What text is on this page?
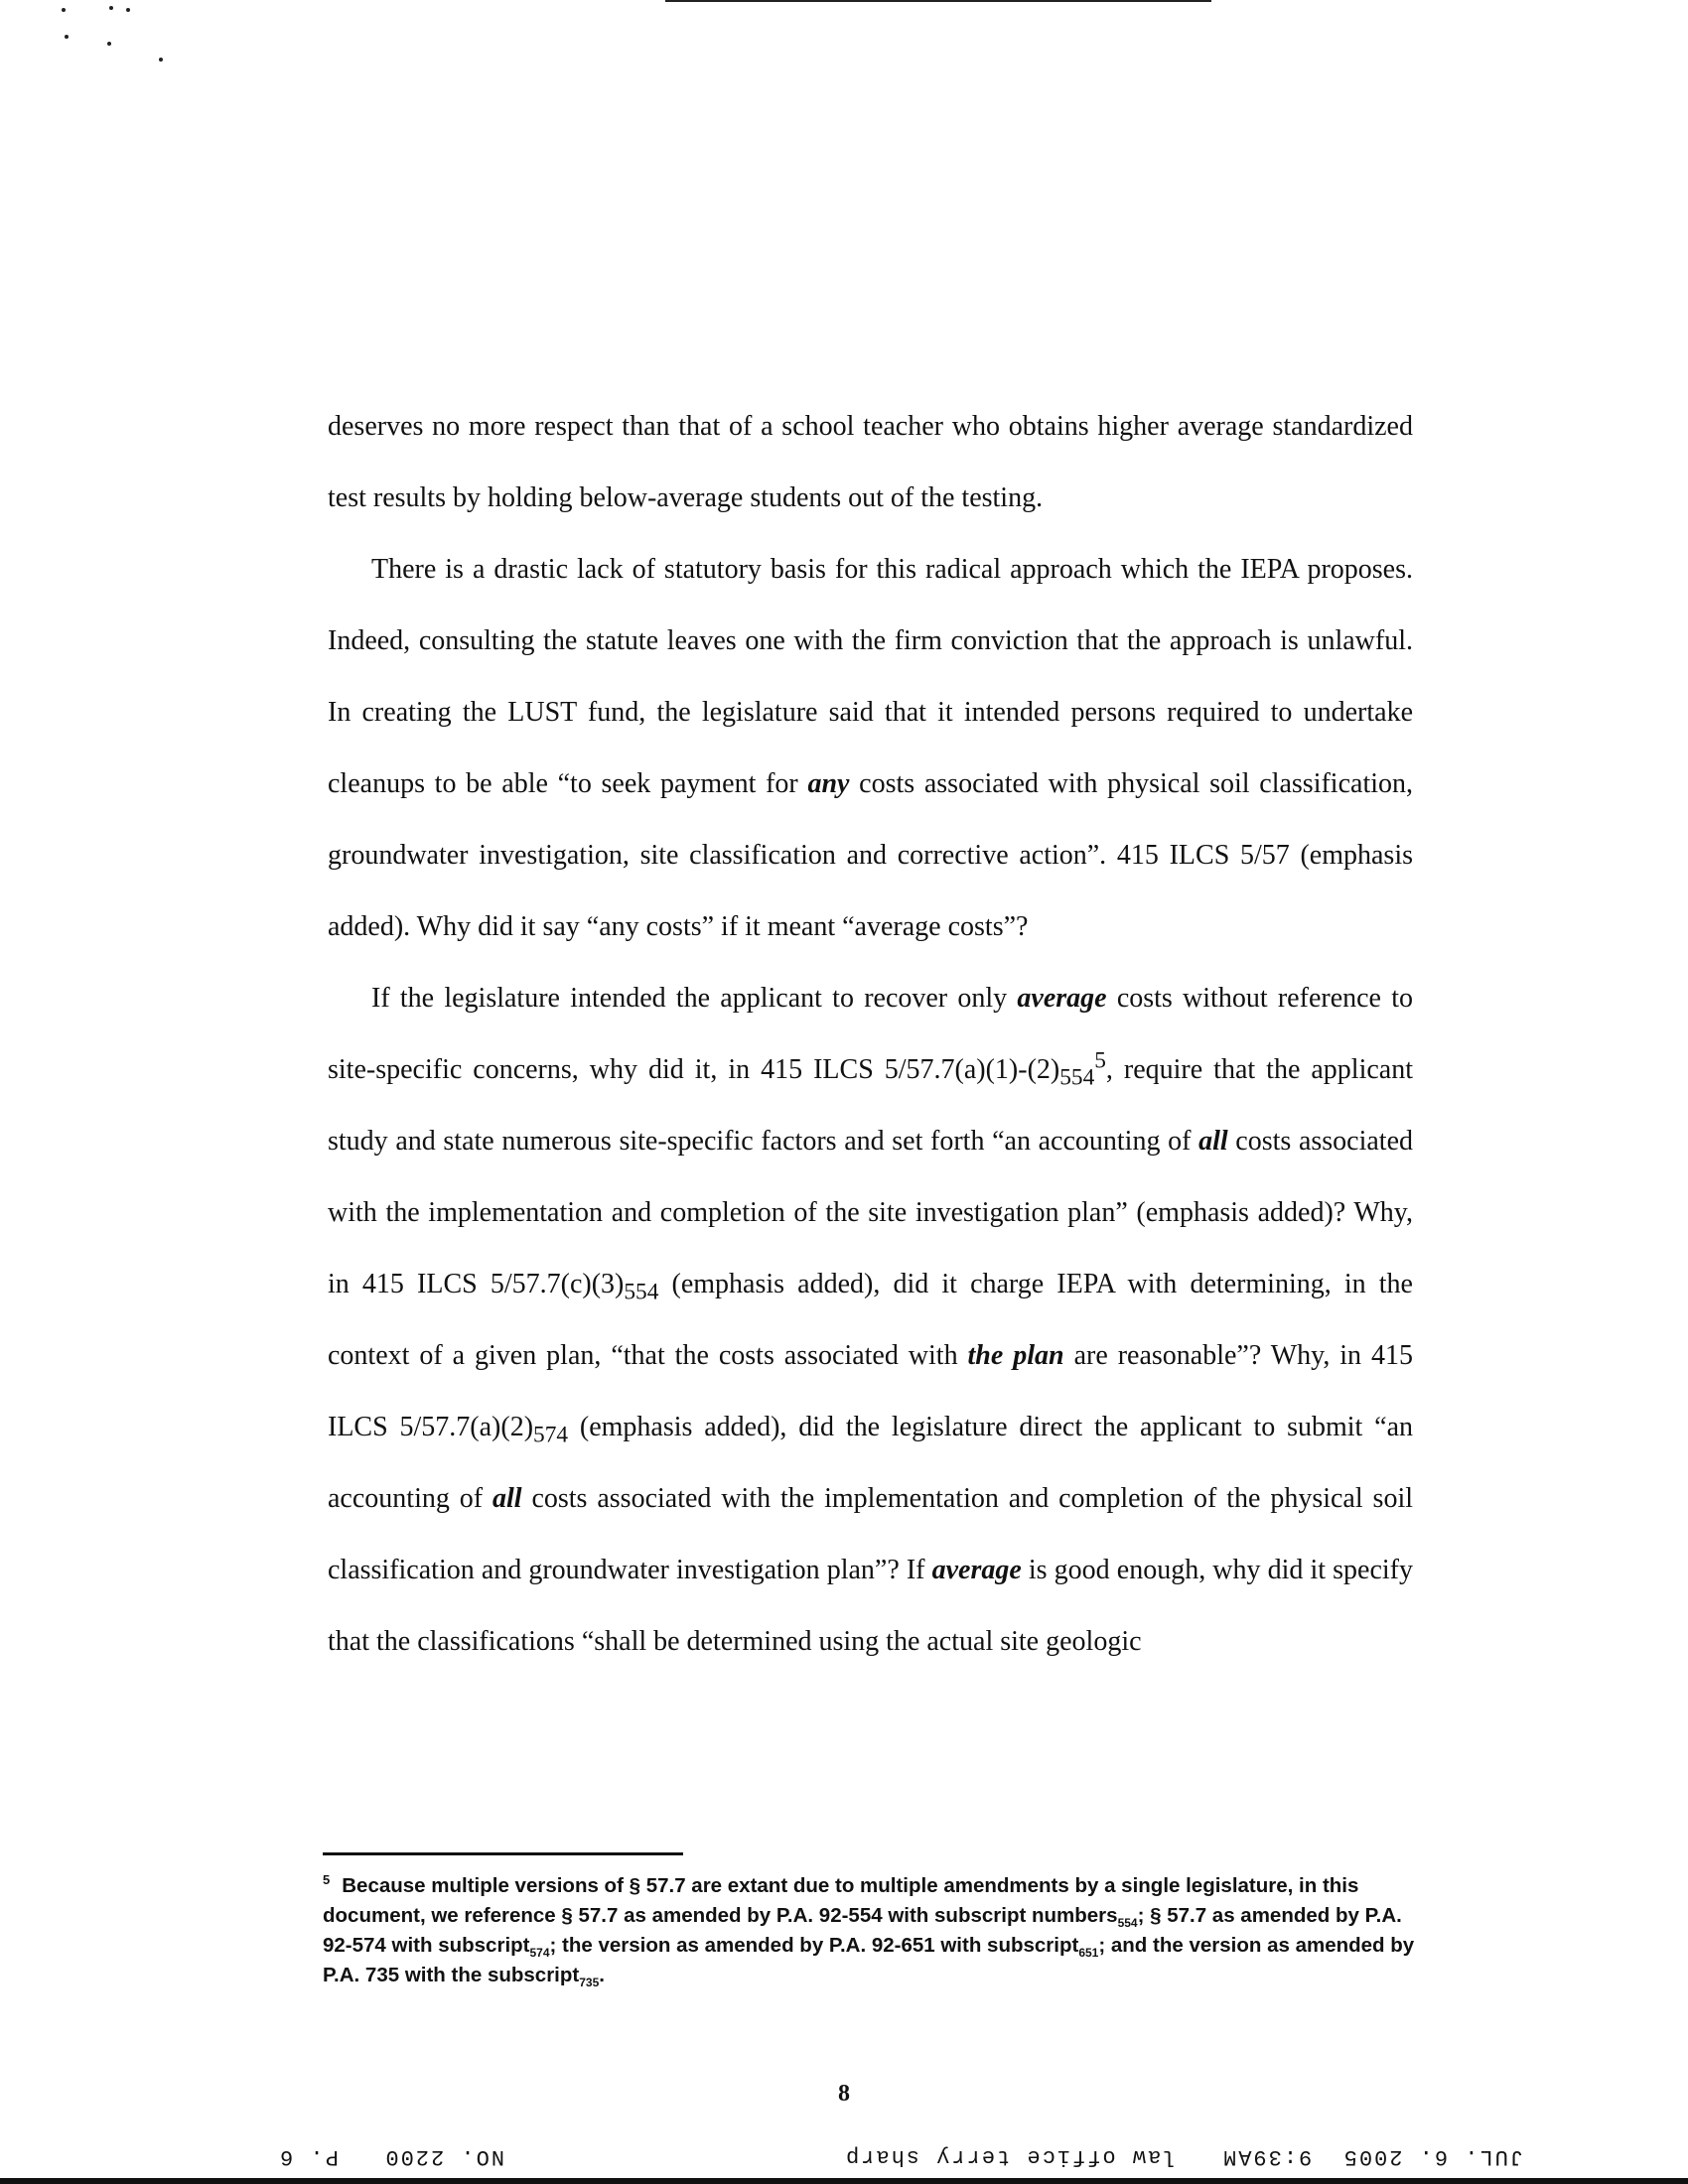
deserves no more respect than that of a school teacher who obtains higher average standardized test results by holding below-average students out of the testing.

There is a drastic lack of statutory basis for this radical approach which the IEPA proposes. Indeed, consulting the statute leaves one with the firm conviction that the approach is unlawful. In creating the LUST fund, the legislature said that it intended persons required to undertake cleanups to be able “to seek payment for any costs associated with physical soil classification, groundwater investigation, site classification and corrective action”. 415 ILCS 5/57 (emphasis added). Why did it say “any costs” if it meant “average costs”?

If the legislature intended the applicant to recover only average costs without reference to site-specific concerns, why did it, in 415 ILCS $5/57.7(a)(1)-(2)_{554}^5$, require that the applicant study and state numerous site-specific factors and set forth “an accounting of all costs associated with the implementation and completion of the site investigation plan” (emphasis added)? Why, in 415 ILCS $5/57.7(c)(3)_{554}$ (emphasis added), did it charge IEPA with determining, in the context of a given plan, “that the costs associated with the plan are reasonable”? Why, in 415 ILCS $5/57.7(a)(2)_{574}$ (emphasis added), did the legislature direct the applicant to submit “an accounting of all costs associated with the implementation and completion of the physical soil classification and groundwater investigation plan”? If average is good enough, why did it specify that the classifications “shall be determined using the actual site geologic

$^5$ Because multiple versions of § 57.7 are extant due to multiple amendments by a single legislature, in this document, we reference § 57.7 as amended by P.A. 92-554 with subscript numbers$_{554}$; § 57.7 as amended by P.A. 92-574 with subscript$_{574}$; the version as amended by P.A. 92-651 with subscript$_{651}$; and the version as amended by P.A. 735 with the subscript$_{735}$.

8
NO. 2200   P. 6	JUL. 6. 2005  9:39AM   law office terry sharp
